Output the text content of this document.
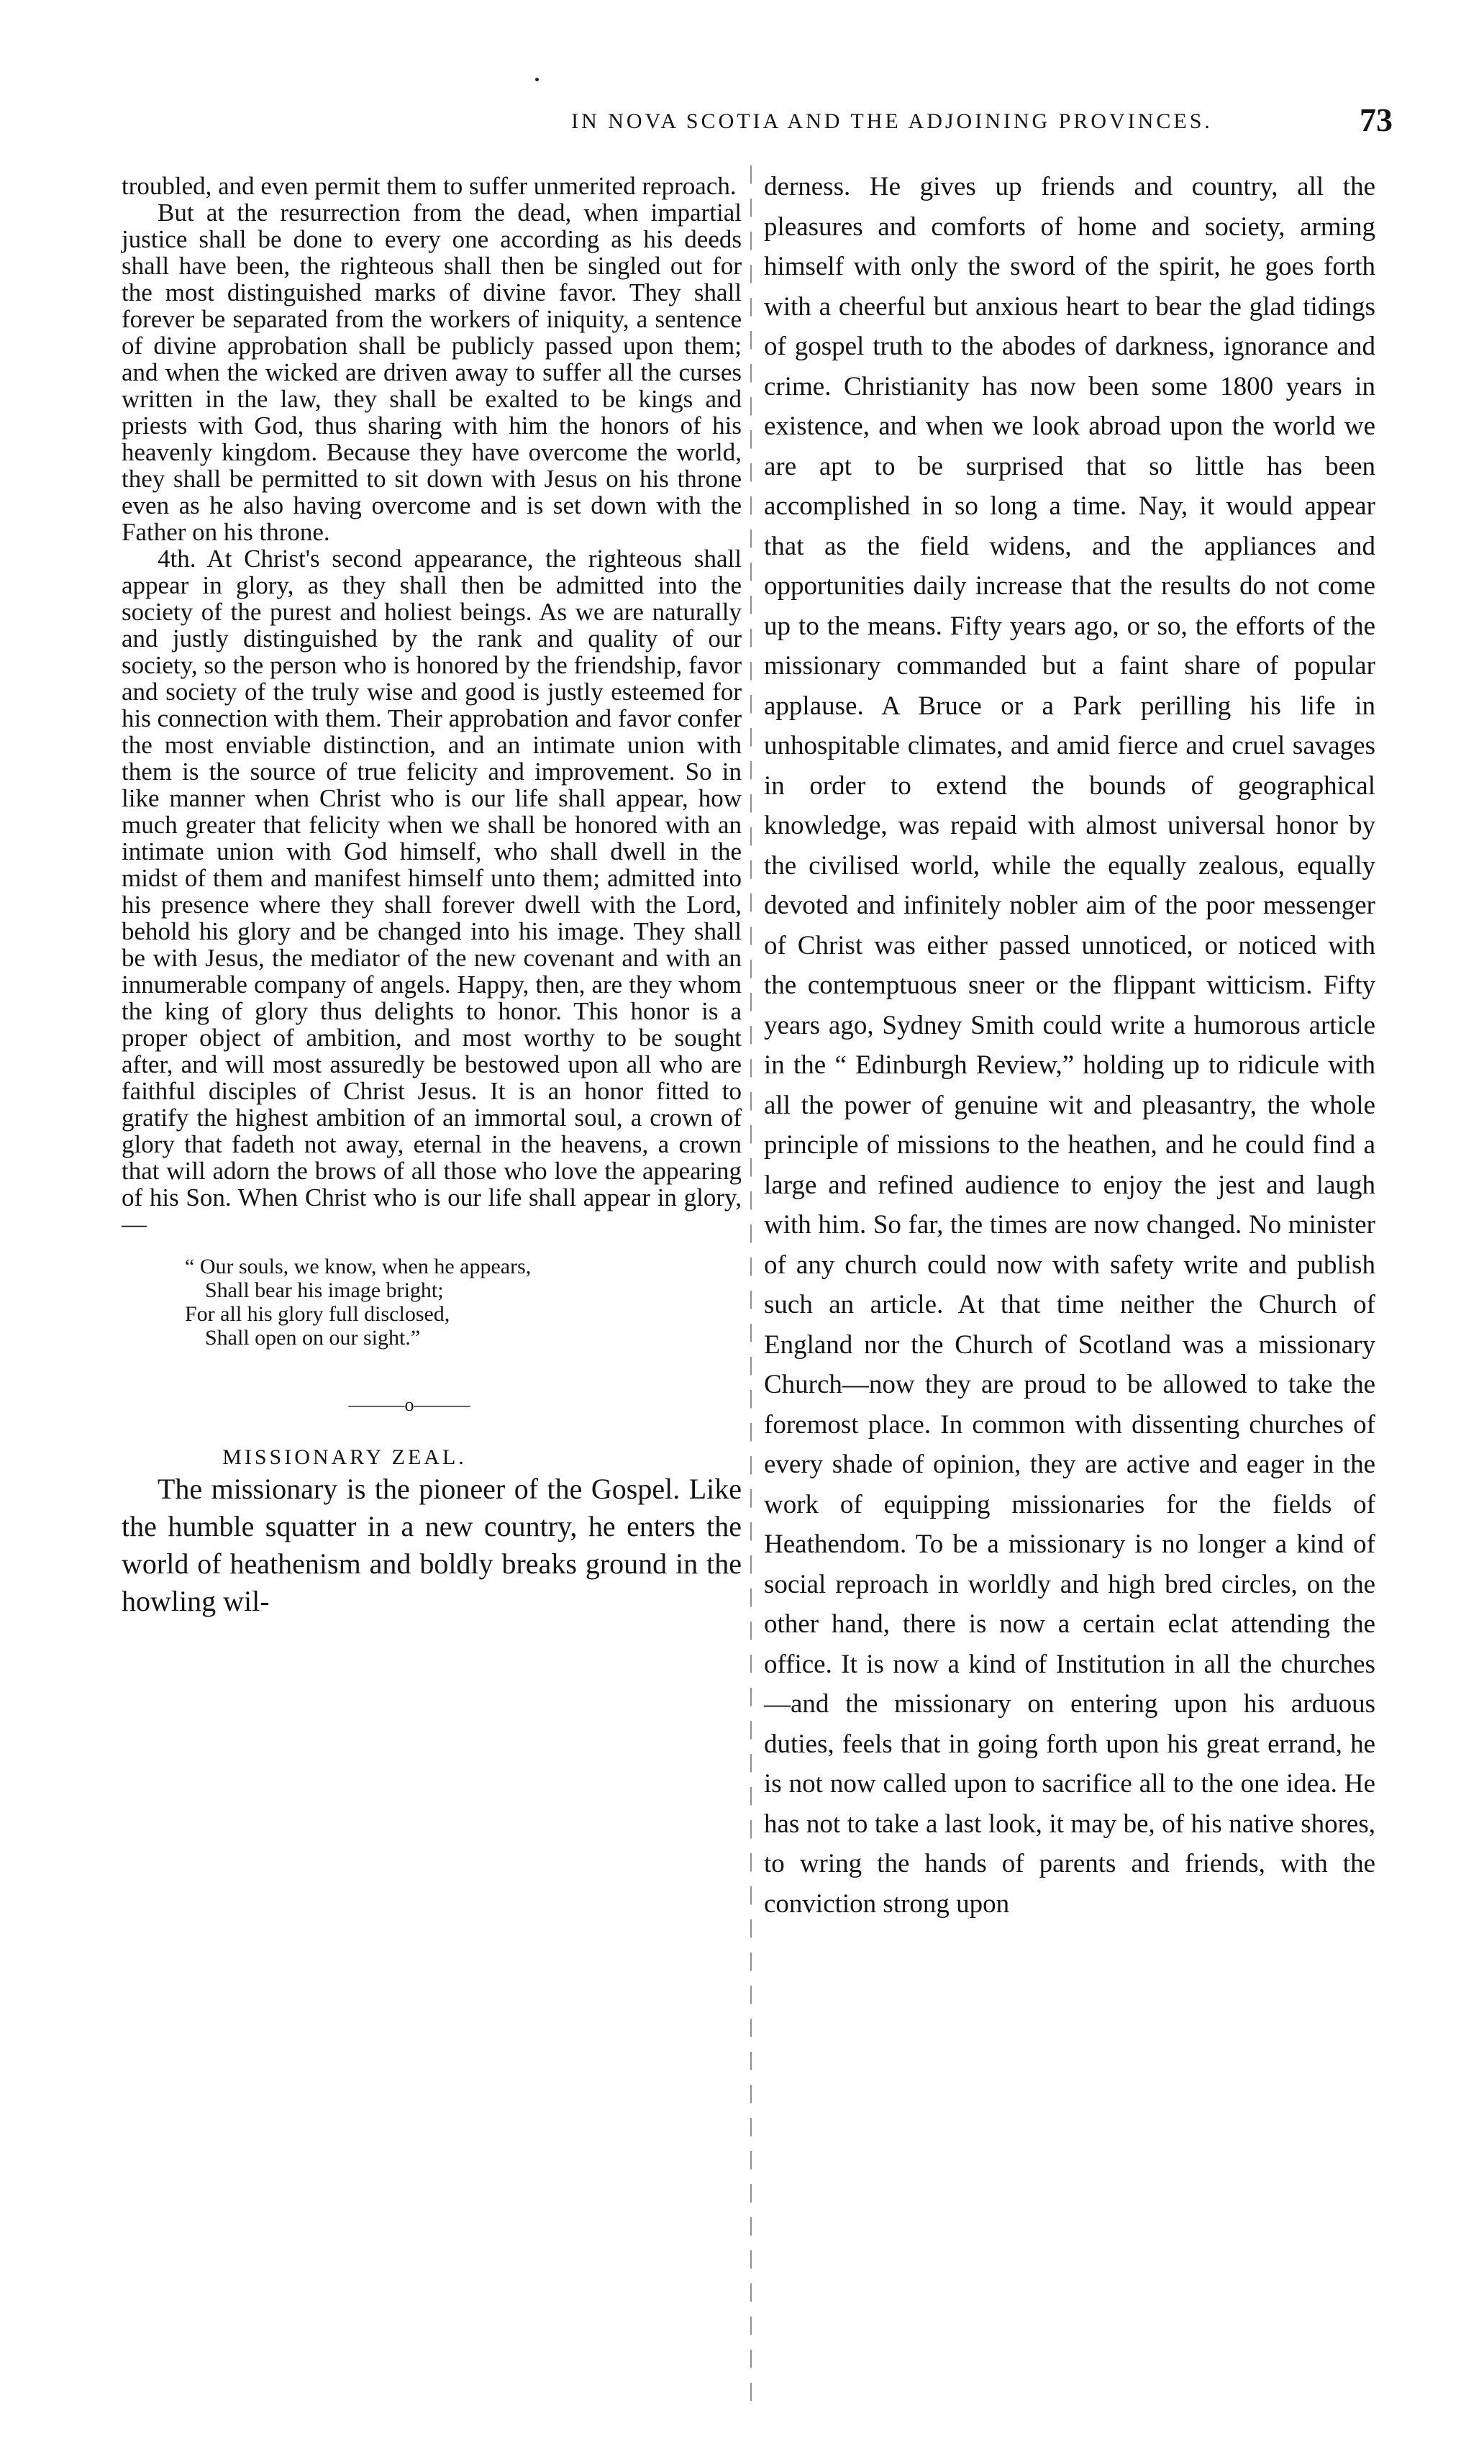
IN NOVA SCOTIA AND THE ADJOINING PROVINCES.	73

troubled, and even permit them to suffer unmerited reproach.

But at the resurrection from the dead, when impartial justice shall be done to every one according as his deeds shall have been, the righteous shall then be singled out for the most distinguished marks of divine favor. They shall forever be separated from the workers of iniquity, a sentence of divine approbation shall be publicly passed upon them; and when the wicked are driven away to suffer all the curses written in the law, they shall be exalted to be kings and priests with God, thus sharing with him the honors of his heavenly kingdom. Because they have overcome the world, they shall be permitted to sit down with Jesus on his throne even as he also having overcome and is set down with the Father on his throne.

4th. At Christ's second appearance, the righteous shall appear in glory, as they shall then be admitted into the society of the purest and holiest beings. As we are naturally and justly distinguished by the rank and quality of our society, so the person who is honored by the friendship, favor and society of the truly wise and good is justly esteemed for his connection with them. Their approbation and favor confer the most enviable distinction, and an intimate union with them is the source of true felicity and improvement. So in like manner when Christ who is our life shall appear, how much greater that felicity when we shall be honored with an intimate union with God himself, who shall dwell in the midst of them and manifest himself unto them; admitted into his presence where they shall forever dwell with the Lord, behold his glory and be changed into his image. They shall be with Jesus, the mediator of the new covenant and with an innumerable company of angels. Happy, then, are they whom the king of glory thus delights to honor. This honor is a proper object of ambition, and most worthy to be sought after, and will most assuredly be bestowed upon all who are faithful disciples of Christ Jesus. It is an honor fitted to gratify the highest ambition of an immortal soul, a crown of glory that fadeth not away, eternal in the heavens, a crown that will adorn the brows of all those who love the appearing of his Son. When Christ who is our life shall appear in glory,—

“ Our souls, we know, when he appears,
Shall bear his image bright;
For all his glory full disclosed,
Shall open on our sight.”
———o———
MISSIONARY ZEAL.

The missionary is the pioneer of the Gospel. Like the humble squatter in a new country, he enters the world of heathenism and boldly breaks ground in the howling wil-

derness. He gives up friends and country, all the pleasures and comforts of home and society, arming himself with only the sword of the spirit, he goes forth with a cheerful but anxious heart to bear the glad tidings of gospel truth to the abodes of darkness, ignorance and crime. Christianity has now been some 1800 years in existence, and when we look abroad upon the world we are apt to be surprised that so little has been accomplished in so long a time. Nay, it would appear that as the field widens, and the appliances and opportunities daily increase that the results do not come up to the means. Fifty years ago, or so, the efforts of the missionary commanded but a faint share of popular applause. A Bruce or a Park perilling his life in unhospitable climates, and amid fierce and cruel savages in order to extend the bounds of geographical knowledge, was repaid with almost universal honor by the civilised world, while the equally zealous, equally devoted and infinitely nobler aim of the poor messenger of Christ was either passed unnoticed, or noticed with the contemptuous sneer or the flippant witticism. Fifty years ago, Sydney Smith could write a humorous article in the “ Edinburgh Review,” holding up to ridicule with all the power of genuine wit and pleasantry, the whole principle of missions to the heathen, and he could find a large and refined audience to enjoy the jest and laugh with him. So far, the times are now changed. No minister of any church could now with safety write and publish such an article. At that time neither the Church of England nor the Church of Scotland was a missionary Church—now they are proud to be allowed to take the foremost place. In common with dissenting churches of every shade of opinion, they are active and eager in the work of equipping missionaries for the fields of Heathendom. To be a missionary is no longer a kind of social reproach in worldly and high bred circles, on the other hand, there is now a certain eclat attending the office. It is now a kind of Institution in all the churches—and the missionary on entering upon his arduous duties, feels that in going forth upon his great errand, he is not now called upon to sacrifice all to the one idea. He has not to take a last look, it may be, of his native shores, to wring the hands of parents and friends, with the conviction strong upon
